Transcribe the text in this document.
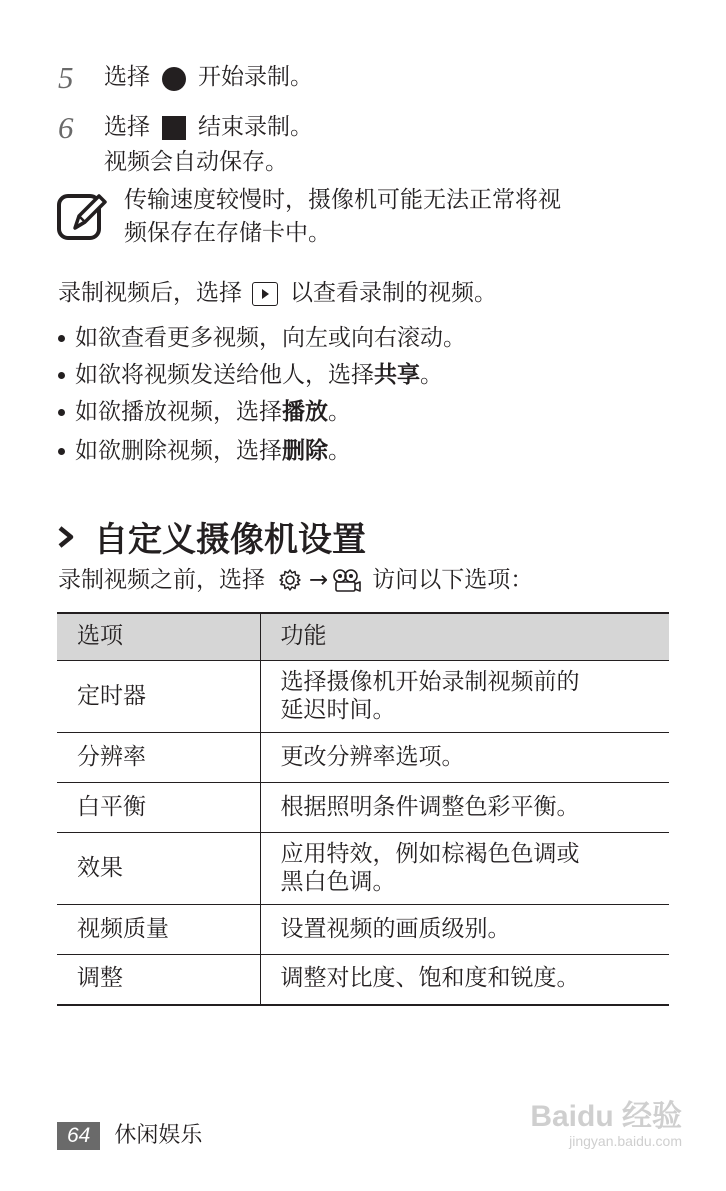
5	选择 开始录制。
6	选择 结束录制。
视频会自动保存。
传输速度较慢时，摄像机可能无法正常将视
频保存在存储卡中。
录制视频后，选择 以查看录制的视频。
如欲查看更多视频，向左或向右滚动。
如欲将视频发送给他人，选择 共享 。
如欲播放视频，选择 播放 。
如欲删除视频，选择 删除 。
自定义摄像机设置
录制视频之前，选择 → 访问以下选项：
选项	功能
定时器	选择摄像机开始录制视频前的
延迟时间。

分辨率	更改分辨率选项。
白平衡	根据照明条件调整色彩平衡。
效果	应用特效，例如棕褐色色调或
黑白色调。

视频质量	设置视频的画质级别。
调整	调整对比度、饱和度和锐度。
64	休闲娱乐
Baidu 经验
jingyan.baidu.com
